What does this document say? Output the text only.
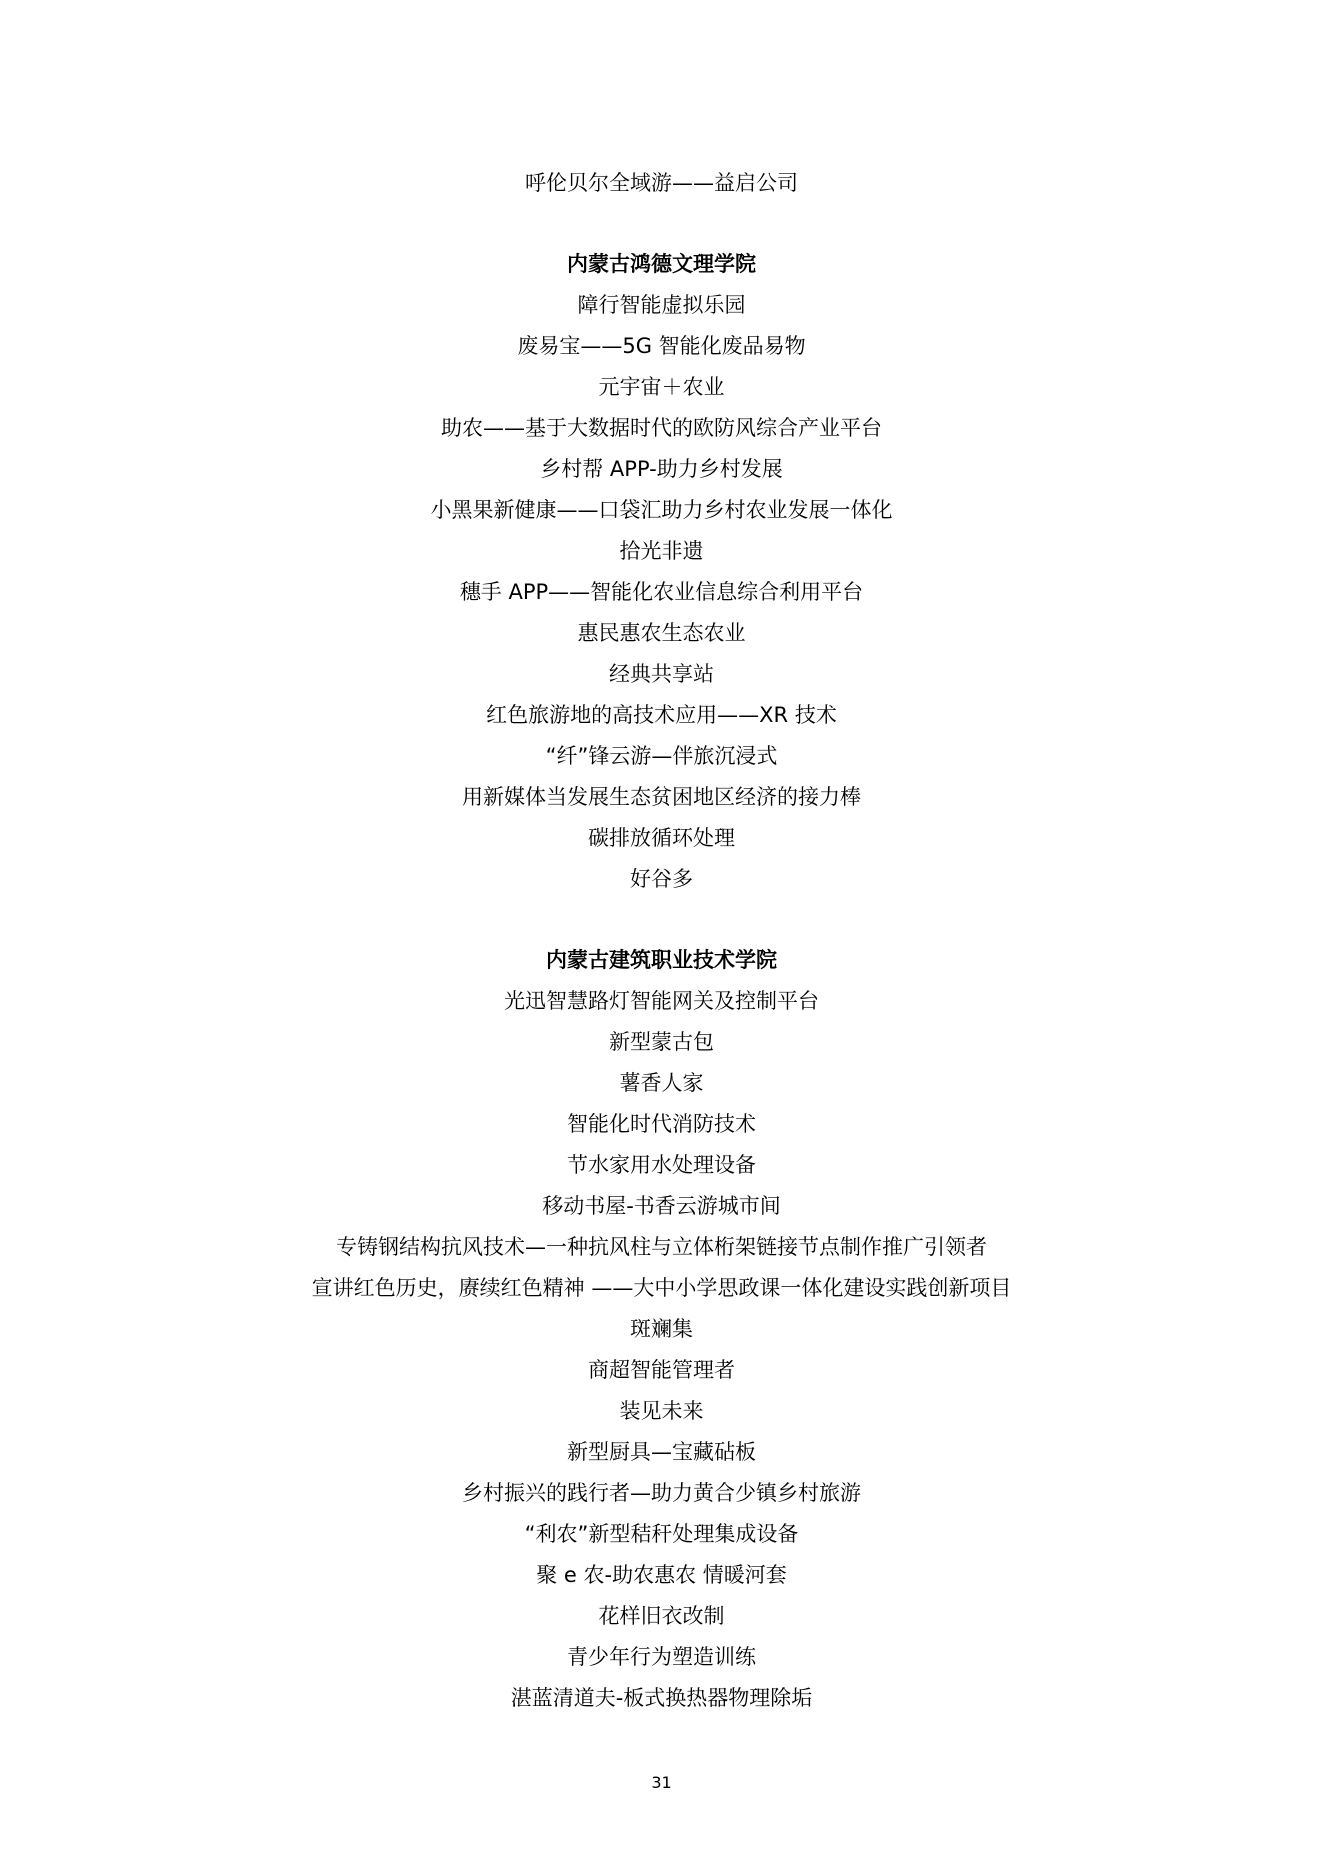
呼伦贝尔全域游——益启公司
内蒙古鸿德文理学院
障行智能虚拟乐园
废易宝——5G 智能化废品易物
元宇宙＋农业
助农——基于大数据时代的欧防风综合产业平台
乡村帮 APP-助力乡村发展
小黑果新健康——口袋汇助力乡村农业发展一体化
拾光非遗
穗手 APP——智能化农业信息综合利用平台
惠民惠农生态农业
经典共享站
红色旅游地的高技术应用——XR 技术
“纤”锋云游—伴旅沉浸式
用新媒体当发展生态贫困地区经济的接力棒
碳排放循环处理
好谷多
内蒙古建筑职业技术学院
光迅智慧路灯智能网关及控制平台
新型蒙古包
薯香人家
智能化时代消防技术
节水家用水处理设备
移动书屋-书香云游城市间
专铸钢结构抗风技术—一种抗风柱与立体桁架链接节点制作推广引领者
宣讲红色历史，赓续红色精神 ——大中小学思政课一体化建设实践创新项目
斑斓集
商超智能管理者
装见未来
新型厨具—宝藏砧板
乡村振兴的践行者—助力黄合少镇乡村旅游
“利农”新型秸秆处理集成设备
聚 e 农-助农惠农 情暖河套
花样旧衣改制
青少年行为塑造训练
湛蓝清道夫-板式换热器物理除垢
31
